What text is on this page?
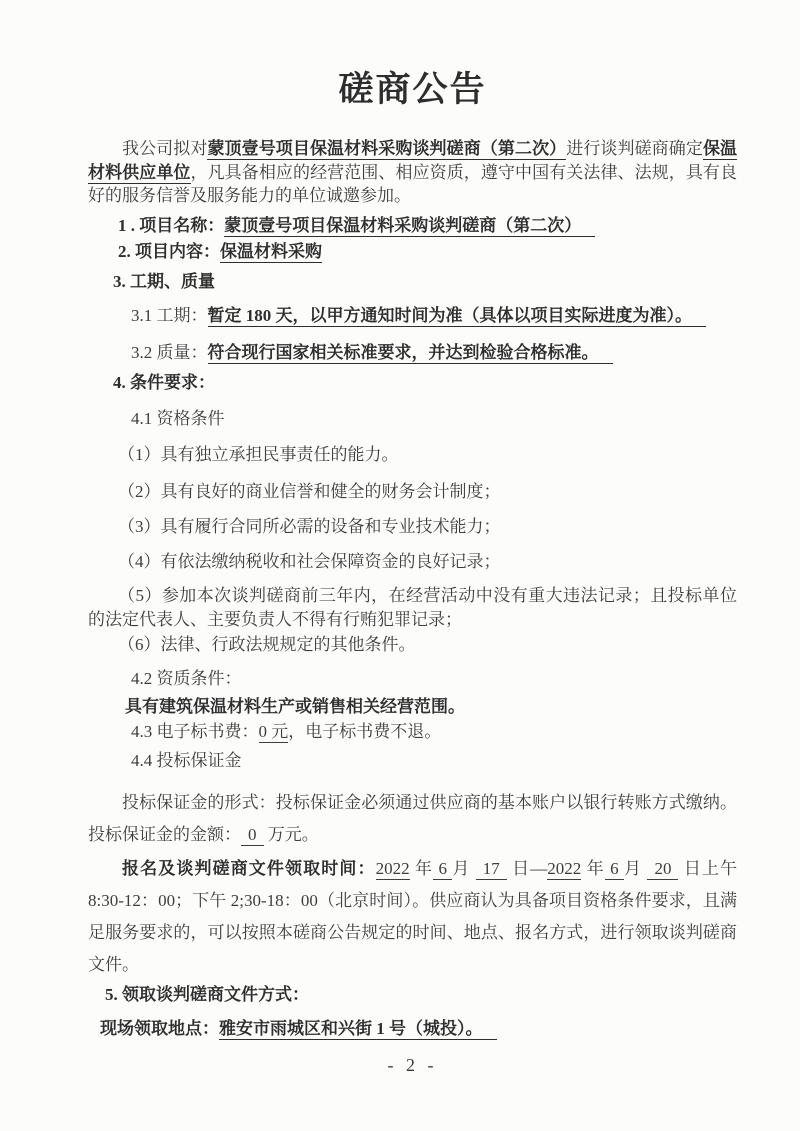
磋商公告

我公司拟对蒙顶壹号项目保温材料采购谈判磋商（第二次）进行谈判磋商确定保温材料供应单位，凡具备相应的经营范围、相应资质，遵守中国有关法律、法规，具有良好的服务信誉及服务能力的单位诚邀参加。

1 . 项目名称：蒙顶壹号项目保温材料采购谈判磋商（第二次）

2. 项目内容：保温材料采购

3. 工期、质量

3.1 工期：暂定 180 天，以甲方通知时间为准（具体以项目实际进度为准）。

3.2 质量：符合现行国家相关标准要求，并达到检验合格标准。

4. 条件要求：

4.1 资格条件

（1）具有独立承担民事责任的能力。

（2）具有良好的商业信誉和健全的财务会计制度；

（3）具有履行合同所必需的设备和专业技术能力；

（4）有依法缴纳税收和社会保障资金的良好记录；

（5）参加本次谈判磋商前三年内，在经营活动中没有重大违法记录；且投标单位的法定代表人、主要负责人不得有行贿犯罪记录；

（6）法律、行政法规规定的其他条件。

4.2 资质条件：

具有建筑保温材料生产或销售相关经营范围。

4.3 电子标书费：0 元，电子标书费不退。

4.4 投标保证金

投标保证金的形式：投标保证金必须通过供应商的基本账户以银行转账方式缴纳。投标保证金的金额： 0 万元。

报名及谈判磋商文件领取时间：2022 年 6 月 17 日—2022 年 6 月 20 日上午 8:30-12：00；下午 2;30-18：00（北京时间）。供应商认为具备项目资格条件要求，且满足服务要求的，可以按照本磋商公告规定的时间、地点、报名方式，进行领取谈判磋商文件。

5. 领取谈判磋商文件方式：

现场领取地点：雅安市雨城区和兴街 1 号（城投）。

- 2 -
